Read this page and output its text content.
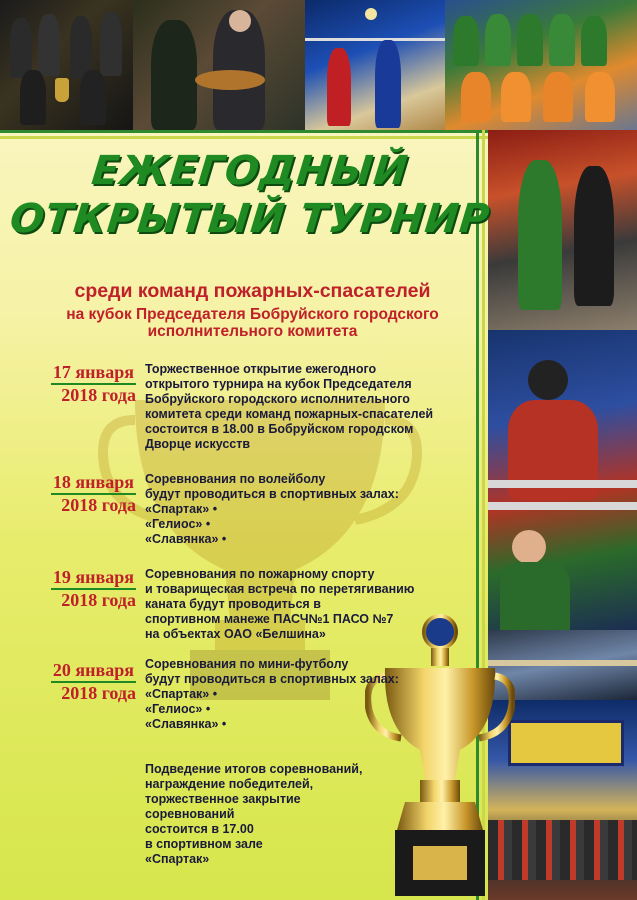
ЕЖЕГОДНЫЙ
ОТКРЫТЫЙ ТУРНИР
среди команд пожарных-спасателей
на кубок Председателя Бобруйского городского
исполнительного комитета
17 января
2018 года
Торжественное открытие ежегодного
открытого турнира на кубок Председателя
Бобруйского городского исполнительного
комитета среди команд пожарных-спасателей
состоится в 18.00 в Бобруйском городском
Дворце искусств
18 января
2018 года
Соревнования по волейболу
будут проводиться в спортивных залах:
«Спартак» •
«Гелиос» •
«Славянка» •
19 января
2018 года
Соревнования по пожарному спорту
и товарищеская встреча по перетягиванию
каната будут проводиться в
спортивном манеже ПАСЧ№1 ПАСО №7
на объектах ОАО «Белшина»
20 января
2018 года
Соревнования по мини-футболу
будут проводиться в спортивных залах:
«Спартак» •
«Гелиос» •
«Славянка» •
Подведение итогов соревнований,
награждение победителей,
торжественное закрытие
соревнований
состоится в 17.00
в спортивном зале
«Спартак»
